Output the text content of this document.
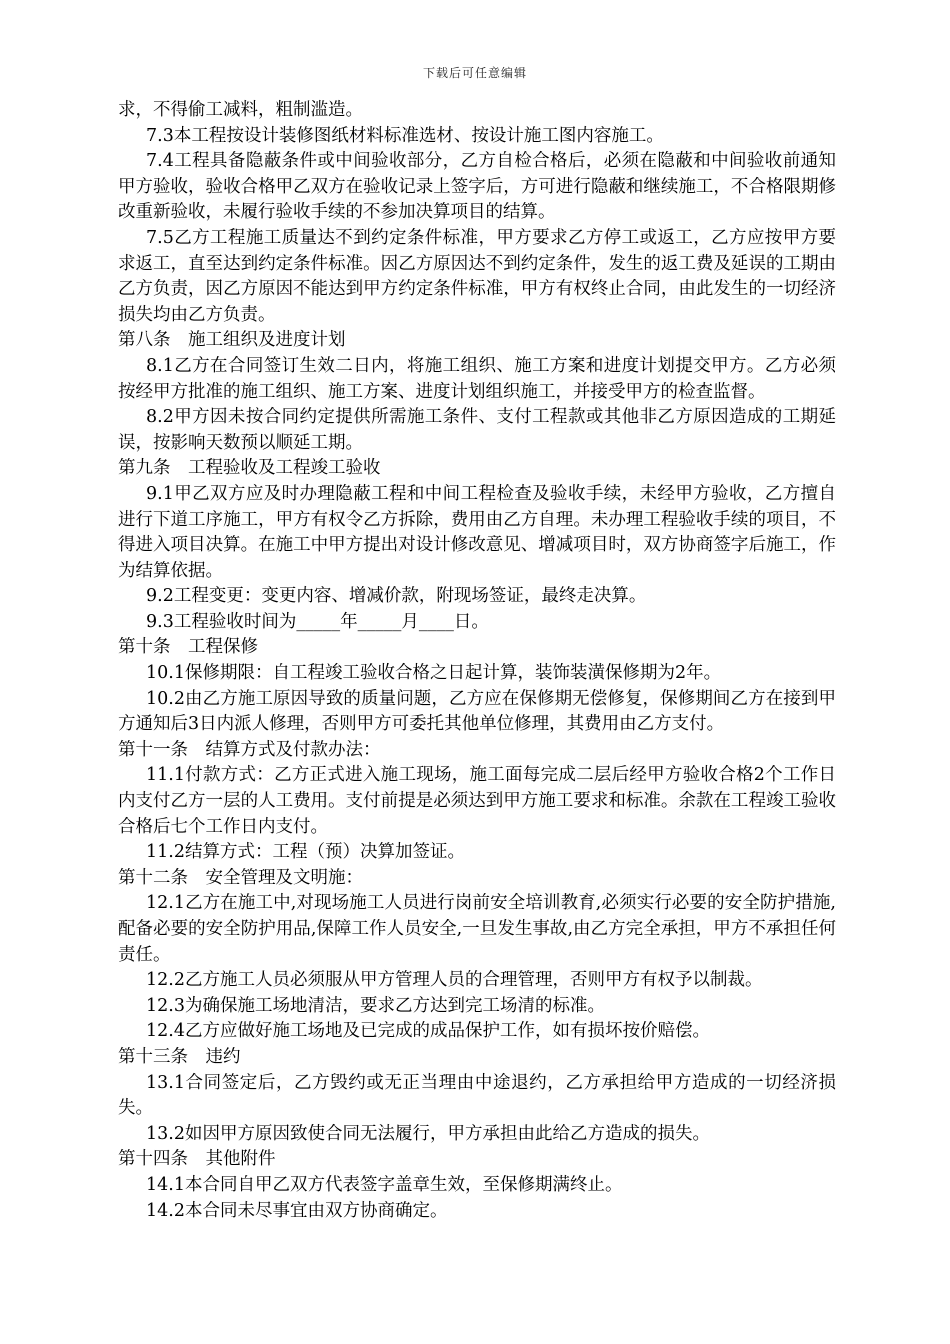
下载后可任意编辑

求，不得偷工减料，粗制滥造。

7.3本工程按设计装修图纸材料标准选材、按设计施工图内容施工。

7.4工程具备隐蔽条件或中间验收部分，乙方自检合格后，必须在隐蔽和中间验收前通知甲方验收，验收合格甲乙双方在验收记录上签字后，方可进行隐蔽和继续施工，不合格限期修改重新验收，未履行验收手续的不参加决算项目的结算。

7.5乙方工程施工质量达不到约定条件标准，甲方要求乙方停工或返工，乙方应按甲方要求返工，直至达到约定条件标准。因乙方原因达不到约定条件，发生的返工费及延误的工期由乙方负责，因乙方原因不能达到甲方约定条件标准，甲方有权终止合同，由此发生的一切经济损失均由乙方负责。

第八条　施工组织及进度计划

8.1乙方在合同签订生效二日内，将施工组织、施工方案和进度计划提交甲方。乙方必须按经甲方批准的施工组织、施工方案、进度计划组织施工，并接受甲方的检查监督。

8.2甲方因未按合同约定提供所需施工条件、支付工程款或其他非乙方原因造成的工期延误，按影响天数预以顺延工期。

第九条　工程验收及工程竣工验收

9.1甲乙双方应及时办理隐蔽工程和中间工程检查及验收手续，未经甲方验收，乙方擅自进行下道工序施工，甲方有权令乙方拆除，费用由乙方自理。未办理工程验收手续的项目，不得进入项目决算。在施工中甲方提出对设计修改意见、增减项目时，双方协商签字后施工，作为结算依据。

9.2工程变更：变更内容、增减价款，附现场签证，最终走决算。

9.3工程验收时间为_____年_____月____日。

第十条　工程保修

10.1保修期限：自工程竣工验收合格之日起计算，装饰装潢保修期为2年。

10.2由乙方施工原因导致的质量问题，乙方应在保修期无偿修复，保修期间乙方在接到甲方通知后3日内派人修理，否则甲方可委托其他单位修理，其费用由乙方支付。

第十一条　结算方式及付款办法：

11.1付款方式：乙方正式进入施工现场，施工面每完成二层后经甲方验收合格2个工作日内支付乙方一层的人工费用。支付前提是必须达到甲方施工要求和标准。余款在工程竣工验收合格后七个工作日内支付。

11.2结算方式：工程（预）决算加签证。

第十二条　安全管理及文明施：

12.1乙方在施工中,对现场施工人员进行岗前安全培训教育,必须实行必要的安全防护措施,配备必要的安全防护用品,保障工作人员安全,一旦发生事故,由乙方完全承担，甲方不承担任何责任。

12.2乙方施工人员必须服从甲方管理人员的合理管理，否则甲方有权予以制裁。

12.3为确保施工场地清洁，要求乙方达到完工场清的标准。

12.4乙方应做好施工场地及已完成的成品保护工作，如有损坏按价赔偿。

第十三条　违约

13.1合同签定后，乙方毁约或无正当理由中途退约，乙方承担给甲方造成的一切经济损失。

13.2如因甲方原因致使合同无法履行，甲方承担由此给乙方造成的损失。

第十四条　其他附件

14.1本合同自甲乙双方代表签字盖章生效，至保修期满终止。

14.2本合同未尽事宜由双方协商确定。
